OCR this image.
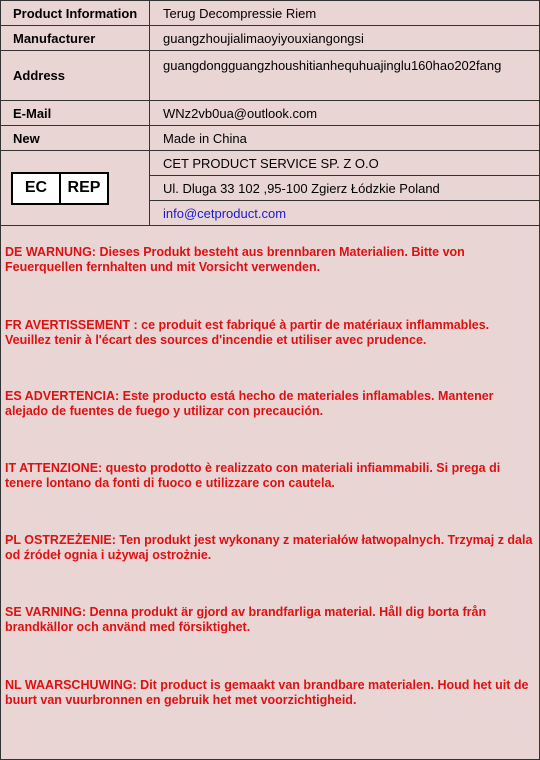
Product Information	Terug Decompressie Riem
Manufacturer	guangzhoujialimaoyiyouxiangongsi
Address	guangdongguangzhoushitianhequhuajinglu160hao202fang
E-Mail	WNz2vb0ua@outlook.com
New	Made in China

EC REP	CET PRODUCT SERVICE SP. Z O.O
	Ul. Dluga 33 102 ,95-100 Zgierz Łódzkie Poland
	info@cetproduct.com

DE WARNUNG: Dieses Produkt besteht aus brennbaren Materialien. Bitte von Feuerquellen fernhalten und mit Vorsicht verwenden.

FR AVERTISSEMENT : ce produit est fabriqué à partir de matériaux inflammables. Veuillez tenir à l'écart des sources d'incendie et utiliser avec prudence.

ES ADVERTENCIA: Este producto está hecho de materiales inflamables. Mantener alejado de fuentes de fuego y utilizar con precaución.

IT ATTENZIONE: questo prodotto è realizzato con materiali infiammabili. Si prega di tenere lontano da fonti di fuoco e utilizzare con cautela.

PL OSTRZEŻENIE: Ten produkt jest wykonany z materiałów łatwopalnych. Trzymaj z dala od źródeł ognia i używaj ostrożnie.

SE VARNING: Denna produkt är gjord av brandfarliga material. Håll dig borta från brandkällor och använd med försiktighet.

NL WAARSCHUWING: Dit product is gemaakt van brandbare materialen. Houd het uit de buurt van vuurbronnen en gebruik het met voorzichtigheid.
